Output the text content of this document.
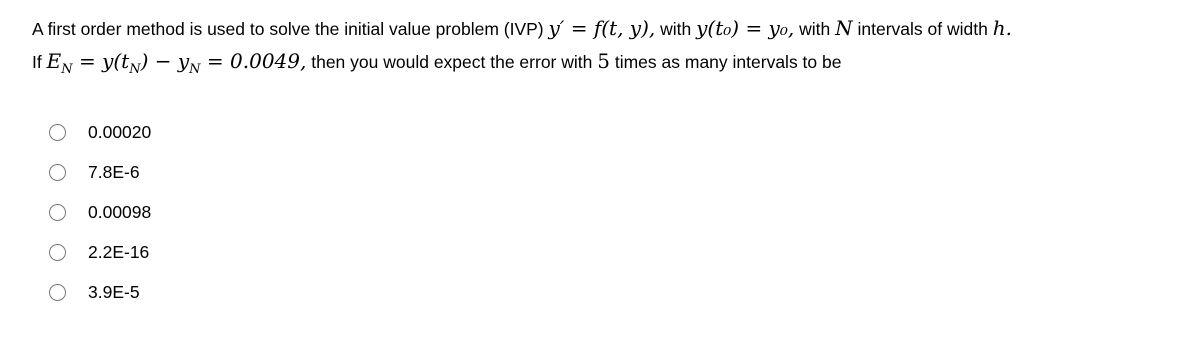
A first order method is used to solve the initial value problem (IVP) y′ = f(t, y), with y(t₀) = y₀, with N intervals of width h.
If $E_N = y(t_N) - y_N = 0.0049$, then you would expect the error with 5 times as many intervals to be
0.00020
7.8E-6
0.00098
2.2E-16
3.9E-5
